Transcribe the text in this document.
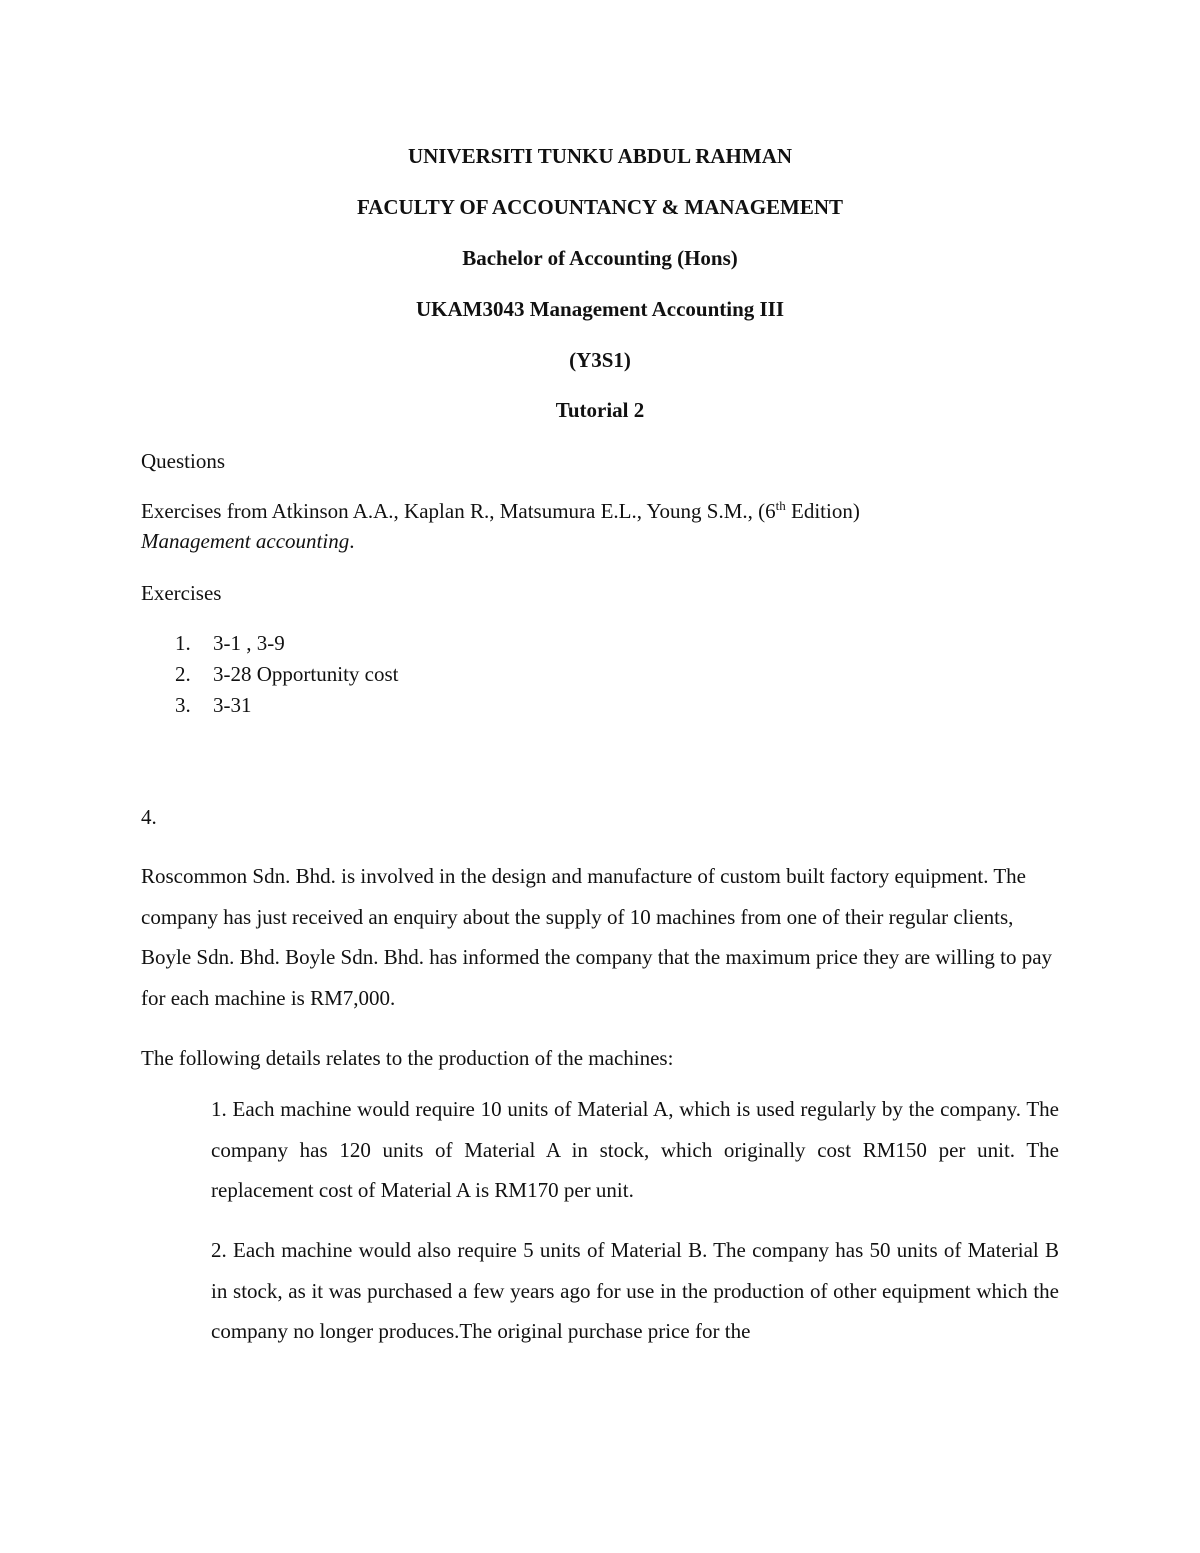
UNIVERSITI TUNKU ABDUL RAHMAN
FACULTY OF ACCOUNTANCY & MANAGEMENT
Bachelor of Accounting (Hons)
UKAM3043 Management Accounting III
(Y3S1)
Tutorial 2
Questions
Exercises from Atkinson A.A., Kaplan R., Matsumura E.L., Young S.M., (6th Edition)
Management accounting.
Exercises
1. 3-1 , 3-9
2. 3-28 Opportunity cost
3. 3-31
4.
Roscommon Sdn. Bhd. is involved in the design and manufacture of custom built factory equipment. The company has just received an enquiry about the supply of 10 machines from one of their regular clients, Boyle Sdn. Bhd. Boyle Sdn. Bhd. has informed the company that the maximum price they are willing to pay for each machine is RM7,000.
The following details relates to the production of the machines:
1. Each machine would require 10 units of Material A, which is used regularly by the company. The company has 120 units of Material A in stock, which originally cost RM150 per unit. The replacement cost of Material A is RM170 per unit.
2. Each machine would also require 5 units of Material B. The company has 50 units of Material B in stock, as it was purchased a few years ago for use in the production of other equipment which the company no longer produces.The original purchase price for the
